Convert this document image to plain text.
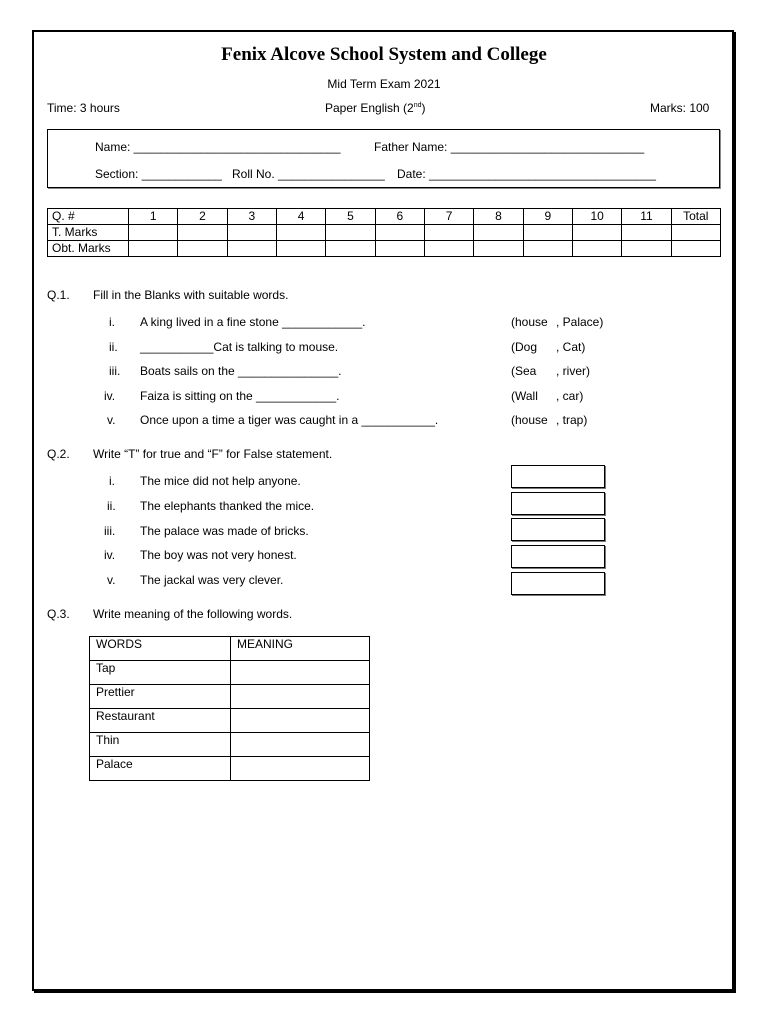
Fenix Alcove School System and College
Mid Term Exam 2021
Time: 3 hours	Paper English (2nd)	Marks: 100
Name: _______________________________	Father Name: _____________________________
Section: ____________ Roll No. ________________ Date: __________________________________
Q. #	1	2	3	4	5	6	7	8	9	10	11	Total
T. Marks												
Obt. Marks												
Q.1. Fill in the Blanks with suitable words.
i. A king lived in a fine stone ____________.	(house , Palace)
ii. ___________Cat is talking to mouse.	(Dog , Cat)
iii. Boats sails on the _______________.	(Sea , river)
iv. Faiza is sitting on the ____________.	(Wall , car)
v. Once upon a time a tiger was caught in a ___________.	(house , trap)
Q.2. Write “T” for true and “F” for False statement.
i. The mice did not help anyone.
ii. The elephants thanked the mice.
iii. The palace was made of bricks.
iv. The boy was not very honest.
v. The jackal was very clever.
Q.3. Write meaning of the following words.
WORDS	MEANING
Tap	
Prettier	
Restaurant	
Thin	
Palace	
